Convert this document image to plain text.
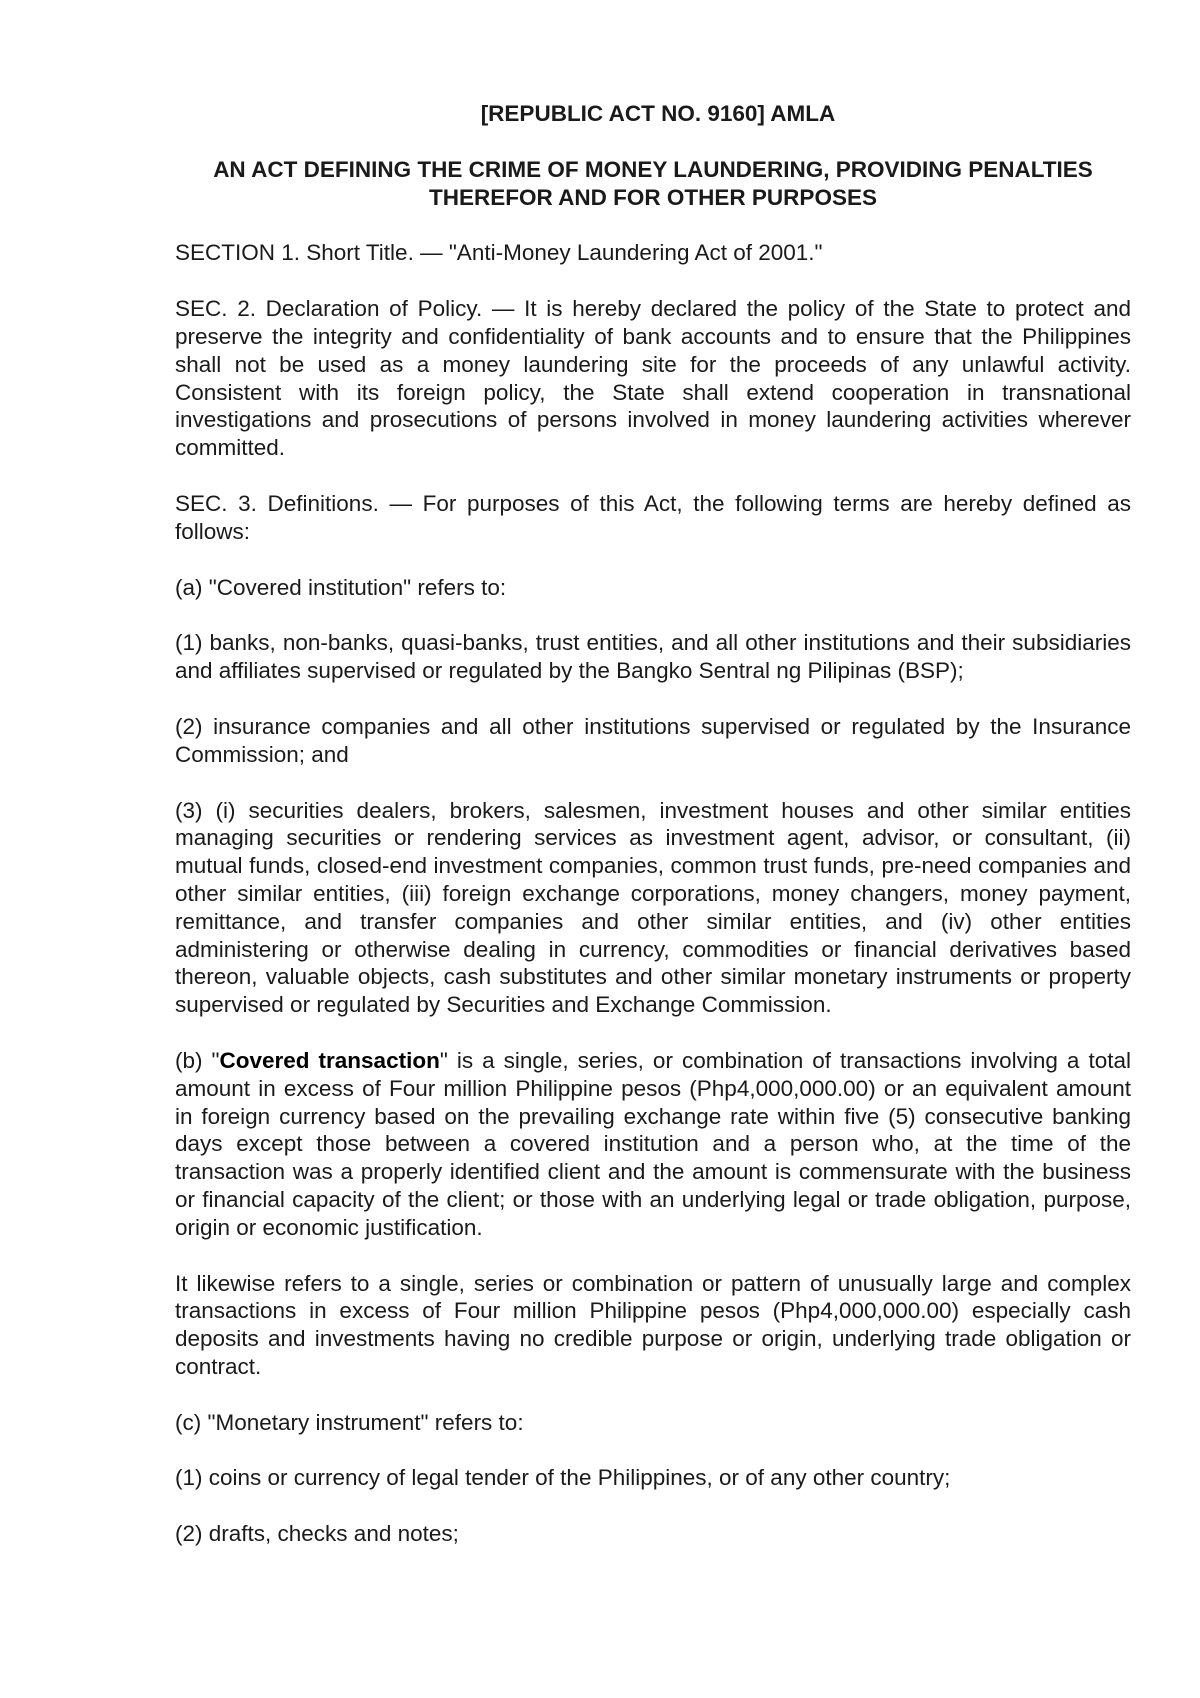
[REPUBLIC ACT NO. 9160] AMLA
AN ACT DEFINING THE CRIME OF MONEY LAUNDERING, PROVIDING PENALTIES THEREFOR AND FOR OTHER PURPOSES

SECTION 1. Short Title. — "Anti-Money Laundering Act of 2001."

SEC. 2. Declaration of Policy. — It is hereby declared the policy of the State to protect and preserve the integrity and confidentiality of bank accounts and to ensure that the Philippines shall not be used as a money laundering site for the proceeds of any unlawful activity. Consistent with its foreign policy, the State shall extend cooperation in transnational investigations and prosecutions of persons involved in money laundering activities wherever committed.

SEC. 3. Definitions. — For purposes of this Act, the following terms are hereby defined as follows:

(a) "Covered institution" refers to:

(1) banks, non-banks, quasi-banks, trust entities, and all other institutions and their subsidiaries and affiliates supervised or regulated by the Bangko Sentral ng Pilipinas (BSP);

(2) insurance companies and all other institutions supervised or regulated by the Insurance Commission; and

(3) (i) securities dealers, brokers, salesmen, investment houses and other similar entities managing securities or rendering services as investment agent, advisor, or consultant, (ii) mutual funds, closed-end investment companies, common trust funds, pre-need companies and other similar entities, (iii) foreign exchange corporations, money changers, money payment, remittance, and transfer companies and other similar entities, and (iv) other entities administering or otherwise dealing in currency, commodities or financial derivatives based thereon, valuable objects, cash substitutes and other similar monetary instruments or property supervised or regulated by Securities and Exchange Commission.

(b) "Covered transaction" is a single, series, or combination of transactions involving a total amount in excess of Four million Philippine pesos (Php4,000,000.00) or an equivalent amount in foreign currency based on the prevailing exchange rate within five (5) consecutive banking days except those between a covered institution and a person who, at the time of the transaction was a properly identified client and the amount is commensurate with the business or financial capacity of the client; or those with an underlying legal or trade obligation, purpose, origin or economic justification.

It likewise refers to a single, series or combination or pattern of unusually large and complex transactions in excess of Four million Philippine pesos (Php4,000,000.00) especially cash deposits and investments having no credible purpose or origin, underlying trade obligation or contract.

(c) "Monetary instrument" refers to:

(1) coins or currency of legal tender of the Philippines, or of any other country;

(2) drafts, checks and notes;
